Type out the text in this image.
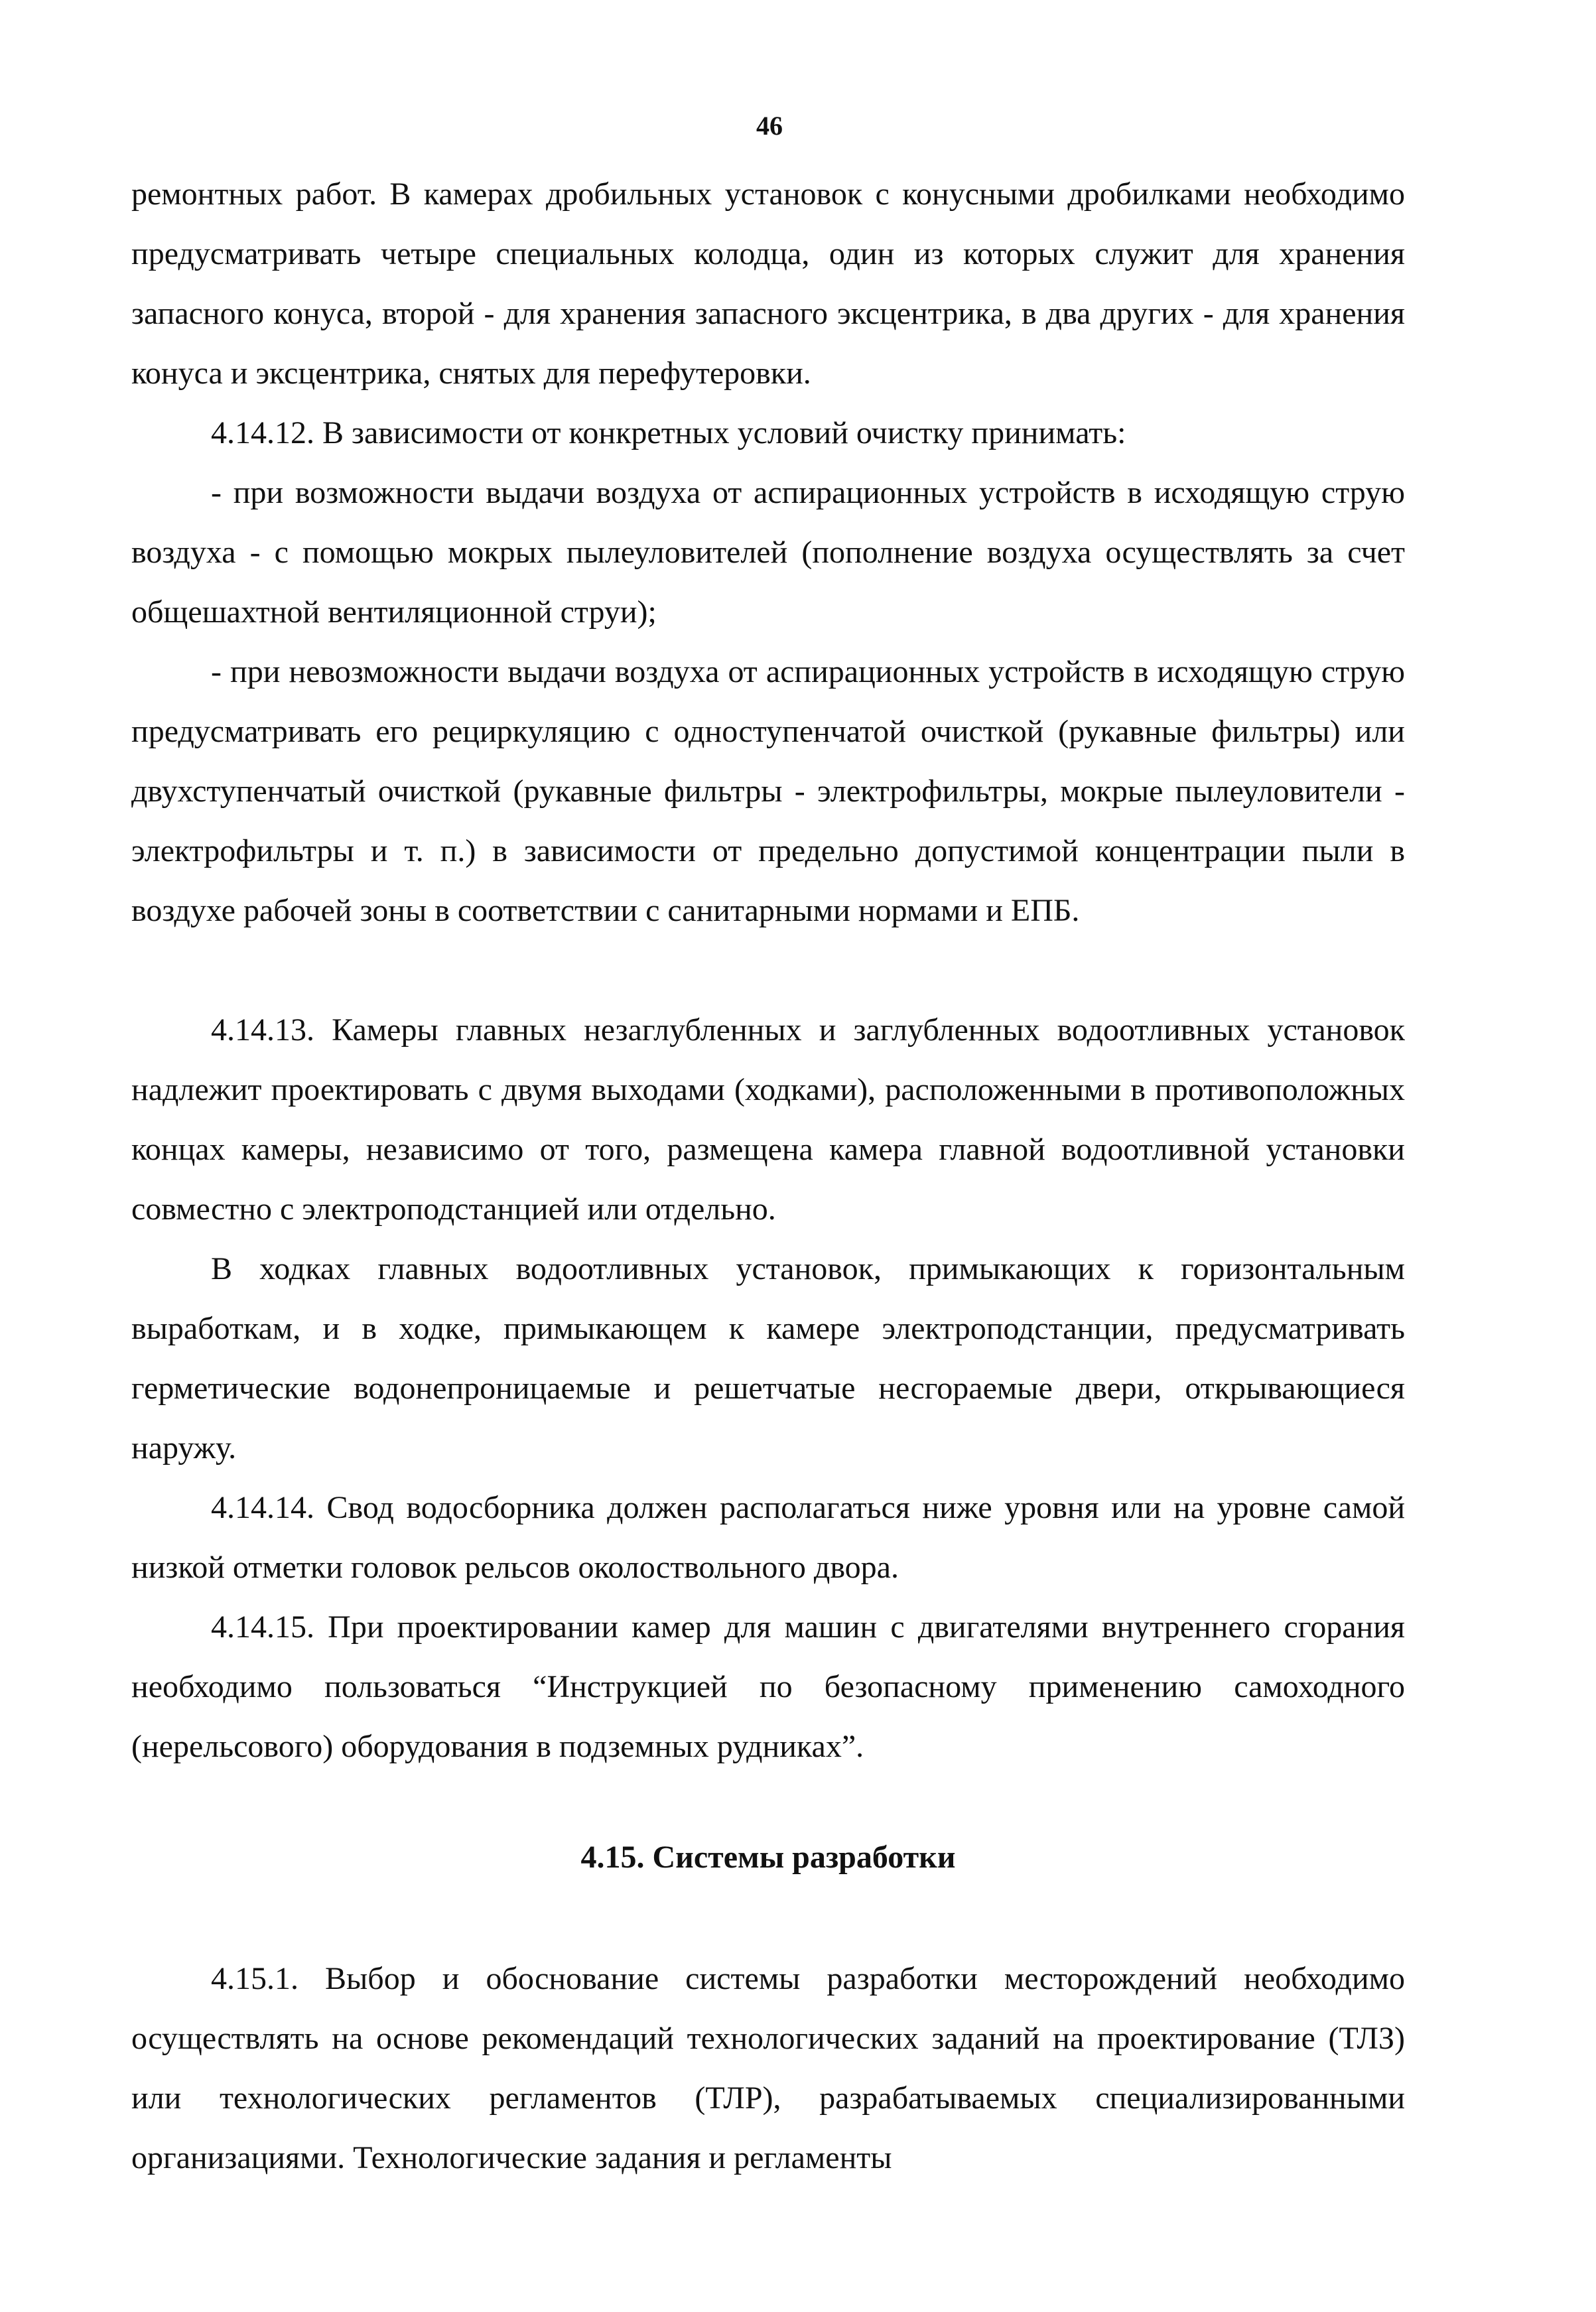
46

ремонтных работ. В камерах дробильных установок с конусными дробилками необходимо предусматривать четыре специальных колодца, один из которых служит для хранения запасного конуса, второй - для хранения запасного эксцентрика, в два других - для хранения конуса и эксцентрика, снятых для перефутеровки.

4.14.12. В зависимости от конкретных условий очистку принимать:

- при возможности выдачи воздуха от аспирационных устройств в исходящую струю воздуха - с помощью мокрых пылеуловителей (пополнение воздуха осуществлять за счет общешахтной вентиляционной струи);

- при невозможности выдачи воздуха от аспирационных устройств в исходящую струю предусматривать его рециркуляцию с одноступенчатой очисткой (рукавные фильтры) или двухступенчатый очисткой (рукавные фильтры - электрофильтры, мокрые пылеуловители - электрофильтры и т. п.) в зависимости от предельно допустимой концентрации пыли в воздухе рабочей зоны в соответствии с санитарными нормами и ЕПБ.

4.14.13. Камеры главных незаглубленных и заглубленных водоотливных установок надлежит проектировать с двумя выходами (ходками), расположенными в противоположных концах камеры, независимо от того, размещена камера главной водоотливной установки совместно с электроподстанцией или отдельно.

В ходках главных водоотливных установок, примыкающих к горизонтальным выработкам, и в ходке, примыкающем к камере электроподстанции, предусматривать герметические водонепроницаемые и решетчатые несгораемые двери, открывающиеся наружу.

4.14.14. Свод водосборника должен располагаться ниже уровня или на уровне самой низкой отметки головок рельсов околоствольного двора.

4.14.15. При проектировании камер для машин с двигателями внутреннего сгорания необходимо пользоваться “Инструкцией по безопасному применению самоходного (нерельсового) оборудования в подземных рудниках”.

4.15. Системы разработки

4.15.1. Выбор и обоснование системы разработки месторождений необходимо осуществлять на основе рекомендаций технологических заданий на проектирование (ТЛЗ) или технологических регламентов (ТЛР), разрабатываемых специализированными организациями. Технологические задания и регламенты
